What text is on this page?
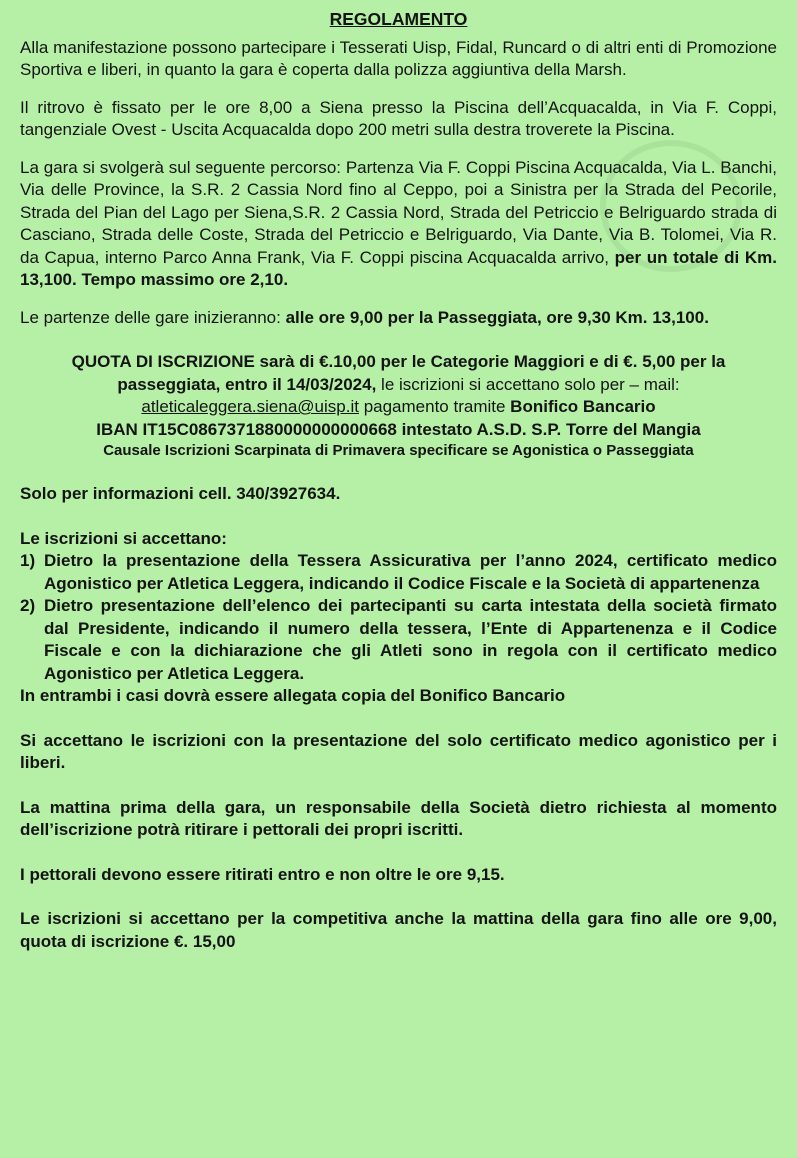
REGOLAMENTO

Alla manifestazione possono partecipare i Tesserati Uisp, Fidal, Runcard o di altri enti di Promozione Sportiva e liberi, in quanto la gara è coperta dalla polizza aggiuntiva della Marsh.

Il ritrovo è fissato per le ore 8,00 a Siena presso la Piscina dell’Acquacalda, in Via F. Coppi, tangenziale Ovest - Uscita Acquacalda dopo 200 metri sulla destra troverete la Piscina.

La gara si svolgerà sul seguente percorso: Partenza Via F. Coppi Piscina Acquacalda, Via L. Banchi, Via delle Province, la S.R. 2 Cassia Nord fino al Ceppo, poi a Sinistra per la Strada del Pecorile, Strada del Pian del Lago per Siena,S.R. 2 Cassia Nord, Strada del Petriccio e Belriguardo strada di Casciano, Strada delle Coste, Strada del Petriccio e Belriguardo, Via Dante, Via B. Tolomei, Via R. da Capua, interno Parco Anna Frank, Via F. Coppi piscina Acquacalda arrivo, per un totale di Km. 13,100. Tempo massimo ore 2,10.

Le partenze delle gare inizieranno: alle ore 9,00 per la Passeggiata, ore 9,30 Km. 13,100.

QUOTA DI ISCRIZIONE sarà di €.10,00 per le Categorie Maggiori e di €. 5,00 per la passeggiata, entro il 14/03/2024, le iscrizioni si accettano solo per – mail: atleticaleggera.siena@uisp.it pagamento tramite Bonifico Bancario

IBAN IT15C0867371880000000000668 intestato A.S.D. S.P. Torre del Mangia

Causale Iscrizioni Scarpinata di Primavera specificare se Agonistica o Passeggiata

Solo per informazioni cell. 340/3927634.

Le iscrizioni si accettano:

1) Dietro la presentazione della Tessera Assicurativa per l’anno 2024, certificato medico Agonistico per Atletica Leggera, indicando il Codice Fiscale e la Società di appartenenza
2) Dietro presentazione dell’elenco dei partecipanti su carta intestata della società firmato dal Presidente, indicando il numero della tessera, l’Ente di Appartenenza e il Codice Fiscale e con la dichiarazione che gli Atleti sono in regola con il certificato medico Agonistico per Atletica Leggera.

In entrambi i casi dovrà essere allegata copia del Bonifico Bancario

Si accettano le iscrizioni con la presentazione del solo certificato medico agonistico per i liberi.

La mattina prima della gara, un responsabile della Società dietro richiesta al momento dell’iscrizione potrà ritirare i pettorali dei propri iscritti.

I pettorali devono essere ritirati entro e non oltre le ore 9,15.

Le iscrizioni si accettano per la competitiva anche la mattina della gara fino alle ore 9,00, quota di iscrizione €. 15,00
